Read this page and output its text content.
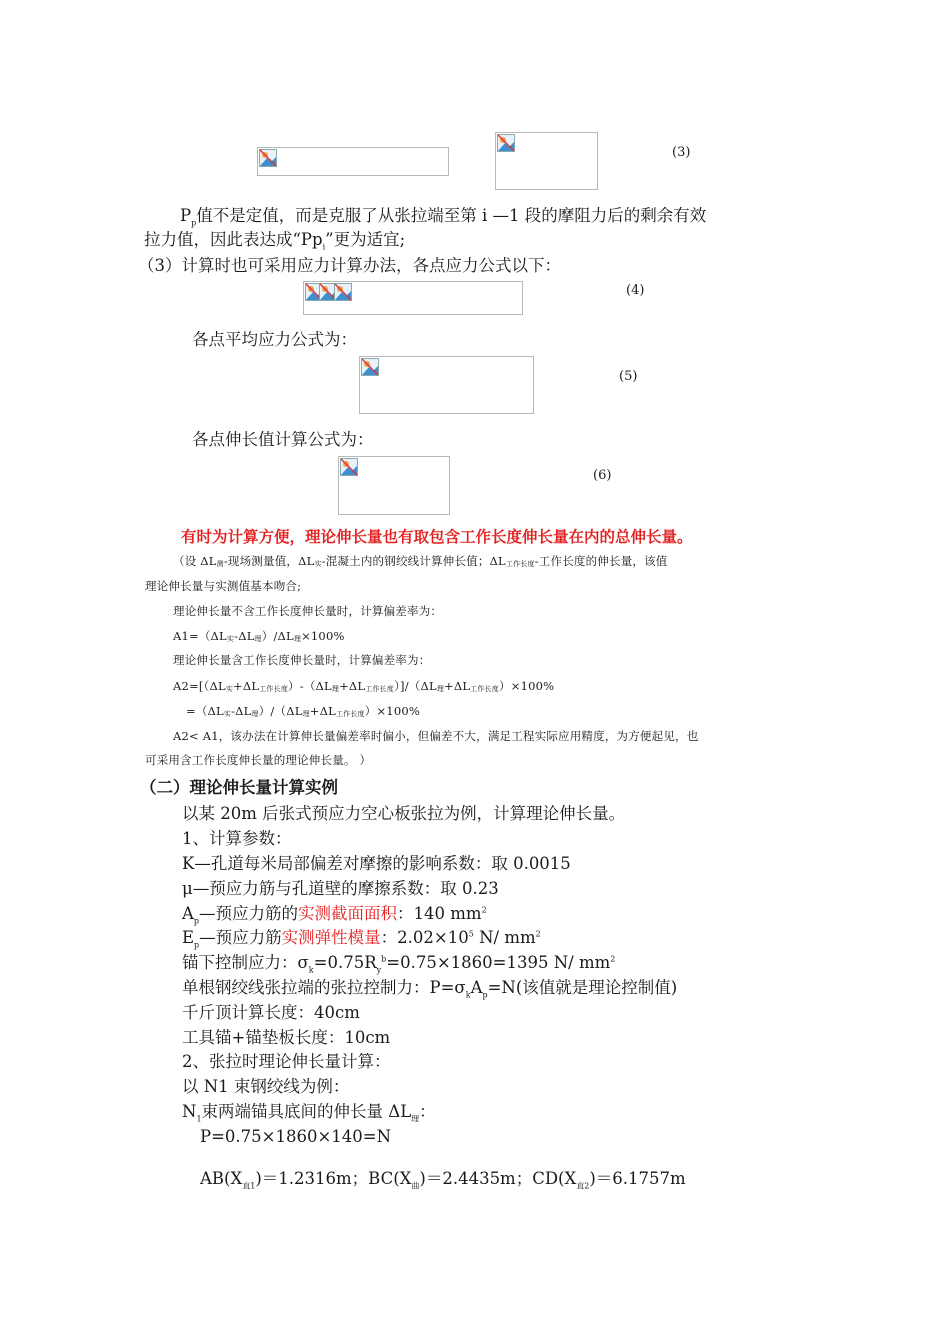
(3)
$P_p$值不是定值，而是克服了从张拉端至第 i —1 段的摩阻力后的剩余有效
拉力值，因此表达成“$Pp_i$”更为适宜;
（3）计算时也可采用应力计算办法，各点应力公式以下：
(4)
各点平均应力公式为：
(5)
各点伸长值计算公式为：
(6)
有时为计算方便，理论伸长量也有取包含工作长度伸长量在内的总伸长量。
（设 $\Delta L_测-$现场测量值，$\Delta L_实-$混凝土内的钢绞线计算伸长值；$\Delta L_{工作长度}-$工作长度的伸长量，该值
理论伸长量与实测值基本吻合;
理论伸长量不含工作长度伸长量时，计算偏差率为：
$A1=(\Delta L_实-\Delta L_理)/\Delta L_理\times 100\%$
理论伸长量含工作长度伸长量时，计算偏差率为：
$A2=[(\Delta L_实+\Delta L_{工作长度})-(\Delta L_理+\Delta L_{工作长度})]/(\Delta L_理+\Delta L_{工作长度})\times 100\%$
$=(\Delta L_实-\Delta L_理)/(\Delta L_理+\Delta L_{工作长度})\times 100\%$
A2< A1，该办法在计算伸长量偏差率时偏小，但偏差不大，满足工程实际应用精度，为方便起见，也
可采用含工作长度伸长量的理论伸长量。 ）
（二）理论伸长量计算实例
以某 20m 后张式预应力空心板张拉为例，计算理论伸长量。
1、计算参数：
K—孔道每米局部偏差对摩擦的影响系数：取 0.0015
μ—预应力筋与孔道壁的摩擦系数：取 0.23
$A_p—$预应力筋的实测截面面积：140 $mm^2$
$E_p—$预应力筋实测弹性模量：$2.02\times 10^5$ N/ $mm^2$
锚下控制应力：$\sigma_k=0.75R_y^b=0.75\times 1860=1395$ N/ $mm^2$
单根钢绞线张拉端的张拉控制力：$P=\sigma_kA_p=N$(该值就是理论控制值)
千斤顶计算长度：40cm
工具锚+锚垫板长度：10cm
2、张拉时理论伸长量计算：
以 N1 束钢绞线为例：
$N_1$束两端锚具底间的伸长量 $\Delta L_理$：
P=0.75×1860×140=N
$AB(X_{直1})=1.2316m$；$BC(X_曲)=2.4435m$；$CD(X_{直2})=6.1757m$
